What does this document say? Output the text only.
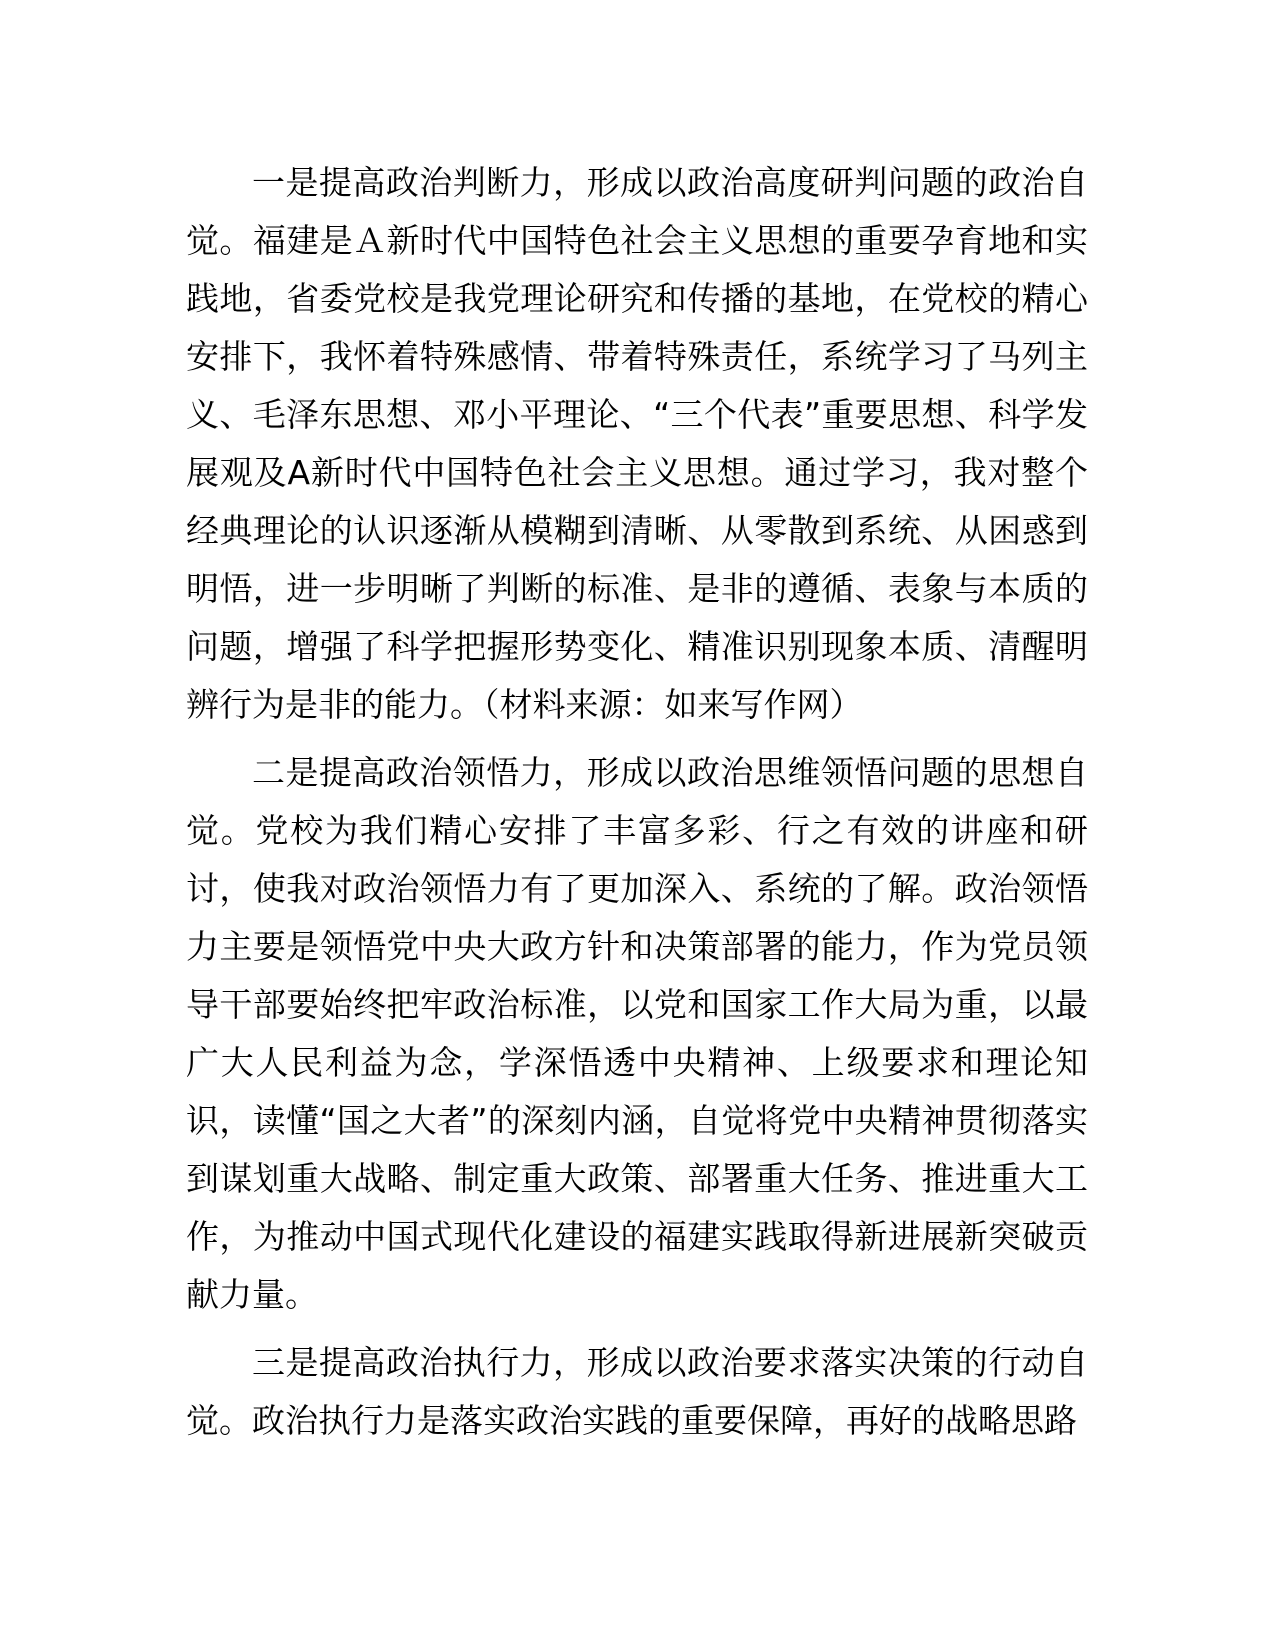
一是提高政治判断力，形成以政治高度研判问题的政治自觉。福建是Ａ新时代中国特色社会主义思想的重要孕育地和实践地，省委党校是我党理论研究和传播的基地，在党校的精心安排下，我怀着特殊感情、带着特殊责任，系统学习了马列主义、毛泽东思想、邓小平理论、“三个代表”重要思想、科学发展观及A新时代中国特色社会主义思想。通过学习，我对整个经典理论的认识逐渐从模糊到清晰、从零散到系统、从困惑到明悟，进一步明晰了判断的标准、是非的遵循、表象与本质的问题，增强了科学把握形势变化、精准识别现象本质、清醒明辨行为是非的能力。（材料来源：如来写作网）

二是提高政治领悟力，形成以政治思维领悟问题的思想自觉。党校为我们精心安排了丰富多彩、行之有效的讲座和研讨，使我对政治领悟力有了更加深入、系统的了解。政治领悟力主要是领悟党中央大政方针和决策部署的能力，作为党员领导干部要始终把牢政治标准，以党和国家工作大局为重，以最广大人民利益为念，学深悟透中央精神、上级要求和理论知识，读懂“国之大者”的深刻内涵，自觉将党中央精神贯彻落实到谋划重大战略、制定重大政策、部署重大任务、推进重大工作，为推动中国式现代化建设的福建实践取得新进展新突破贡献力量。

三是提高政治执行力，形成以政治要求落实决策的行动自觉。政治执行力是落实政治实践的重要保障，再好的战略思路
